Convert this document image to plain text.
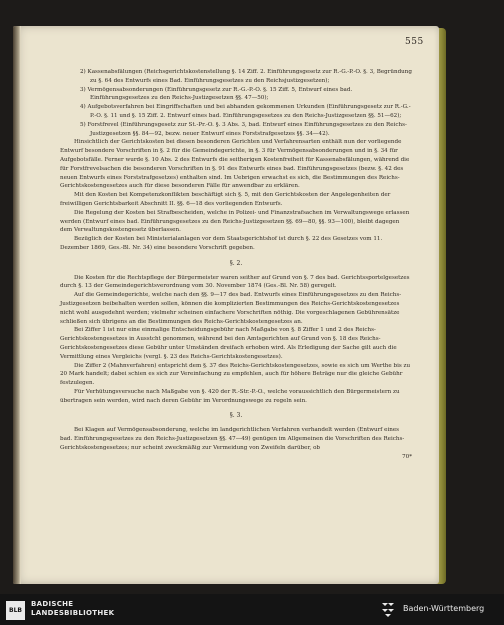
555

2) Kassenabsfälungen (Reichsgerichtskostenstellung §. 14 Ziff. 2. Einführungsgesetz zur R.-G.-P.-O. §. 3, Begründung zu §. 64 des Entwurfs eines Bad. Einführungsgesetzes zu den Reichsjustizgesetzen);

3) Vermögensabsonderungen (Einführungsgesetz zur R.-G.-P.-O. §. 15 Ziff. 5, Entwurf eines bad. Einführungsgesetzes zu den Reichs-Justizgesetzen §§. 47—50);

4) Aufgebotsverfahren bei Eingriffschaften und bei abhanden gekommenen Urkunden (Einführungsgesetz zur R.-G.-P.-O. §. 11 und §. 15 Ziff. 2. Entwurf eines bad. Einführungsgesetzes zu den Reichs-Justizgesetzen §§. 51—62);

5) Forstfrevel (Einführungsgesetz zur St.-Pr.-O. §. 3 Abs. 3, bad. Entwurf eines Einführungsgesetzes zu den Reichs-Justizgesetzen §§. 84—92, bezw. neuer Entwurf eines Forststrafgesetzes §§. 34—42).

Hinsichtlich der Gerichtskosten bei diesen besonderen Gerichten und Verfahrensarten enthält nun der vorliegende Entwurf besondere Vorschriften in §. 2 für die Gemeindegerichte, in §. 3 für Vermögensabsonderungen und in §. 34 für Aufgebotsfälle. Ferner wurde §. 10 Abs. 2 des Entwurfs die seitherigen Kostenfreiheit für Kassenabsfälungen, während die für Forstfrevelsachen die besonderen Vorschriften in §. 91 des Entwurfs eines bad. Einführungsgesetzes (bezw. §. 42 des neuen Entwurfs eines Forststrafgesetzes) enthalten sind. Im Uebrigen erwachst es sich, die Bestimmungen des Reichs-Gerichtskostengesetzes auch für diese besonderen Fälle für anwendbar zu erklären.

Mit den Kosten bei Kompetenzkonflikten beschäftigt sich §. 5, mit den Gerichtskosten der Angelegenheiten der freiwilligen Gerichtsbarkeit Abschnitt II. §§. 6—18 des vorliegenden Entwurfs.

Die Regelung der Kosten bei Strafbescheiden, welche in Polizei- und Finanzstrafsachen im Verwaltungswege erlassen werden (Entwurf eines bad. Einführungsgesetzes zu den Reichs-Justizgesetzen §§. 69—80, §§. 93—100), bleibt dagegen dem Verwaltungskostengesetz überlassen.

Bezüglich der Kosten bei Ministerialanlagen vor dem Staatsgerichtshof ist durch §. 22 des Gesetzes vom 11. Dezember 1869, Ges.-Bl. Nr. 34) eine besondere Vorschrift gegeben.

§. 2.

Die Kosten für die Rechtspflege der Bürgermeister waren seither auf Grund von §. 7 des bad. Gerichtssportelgesetzes durch §. 13 der Gemeindegerichtsverordnung vom 30. November 1874 (Ges.-Bl. Nr. 58) geregelt.

Auf die Gemeindegerichte, welche nach den §§. 9—17 des bad. Entwurfs eines Einführungsgesetzes zu den Reichs-Justizgesetzen beibehalten werden sollen, können die komplizierten Bestimmungen des Reichs-Gerichtskostengesetzes nicht wohl ausgedehnt werden; vielmehr scheinen einfachere Vorschriften nöthig. Die vorgeschlagenen Gebührensätze schließen sich übrigens an die Bestimmungen des Reichs-Gerichtskostengesetzes an.

Bei Ziffer 1 ist nur eine einmalige Entscheidungsgebühr nach Maßgabe von §. 8 Ziffer 1 und 2 des Reichs-Gerichtskostengesetzes in Ausstcht genommen, während bei den Amtsgerichten auf Grund von §. 18 des Reichs-Gerichtskostengesetzes diese Gebühr unter Umständen dreifach erhoben wird. Als Erledigung der Sache gilt auch die Vermittlung eines Vergleichs (vergl. §. 23 des Reichs-Gerichtskostengesetzes).

Die Ziffer 2 (Mahnverfahren) entspricht dem §. 37 des Reichs-Gerichtskostengesetzes, sowie es sich um Werthe bis zu 20 Mark handelt; dabei schien es sich zur Vereinfachung zu empfehlen, auch für höhere Beträge nur die gleiche Gebühr festzulegen.

Für Verhütungsversuche nach Maßgabe von §. 420 der R.-Str.-P.-O., welche voraussichtlich den Bürgermeistern zu übertragen sein werden, wird nach deren Gebühr im Verordnungswege zu regeln sein.

§. 3.

Bei Klagen auf Vermögensabsonderung, welche im landgerichtlichen Verfahren verhandelt werden (Entwurf eines bad. Einführungsgesetzes zu den Reichs-Justizgesetzen §§. 47—49) genügen im Allgemeinen die Vorschriften des Reichs-Gerichtskostengesetzes; nur scheint zweckmäßig zur Vermeidung von Zweifeln darüber, ob

70*

BLB
BADISCHE
LANDESBIBLIOTHEK	Baden-Württemberg
